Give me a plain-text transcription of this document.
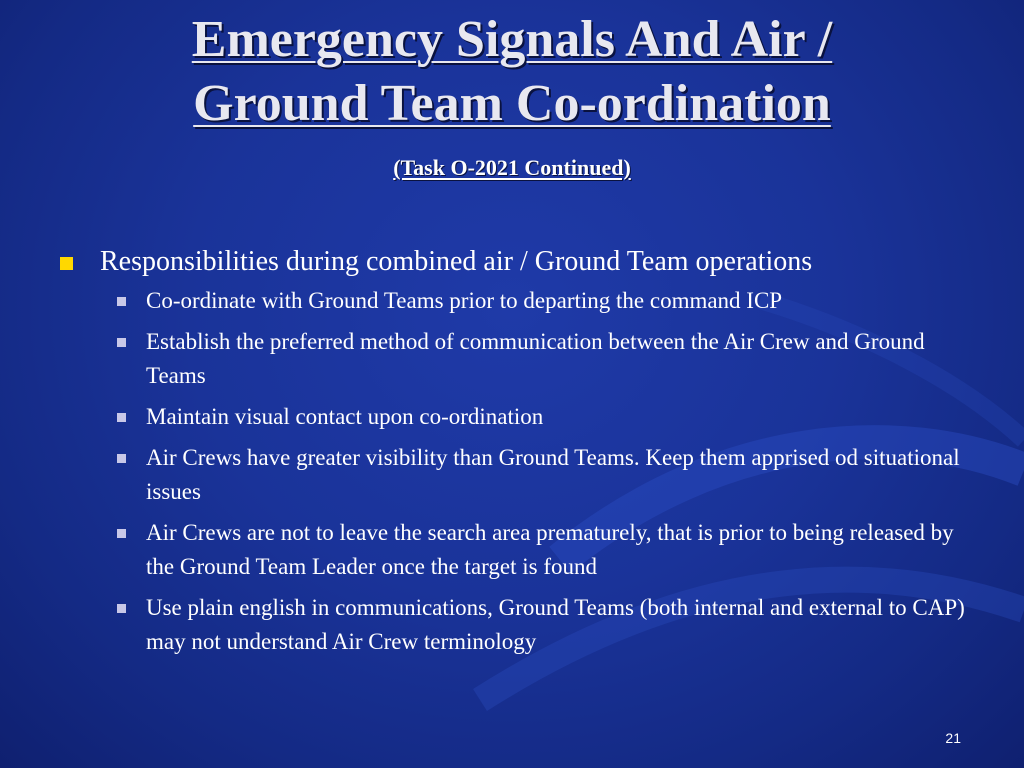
Emergency Signals And Air /
Ground Team Co-ordination
(Task O-2021 Continued)
Responsibilities during combined air / Ground Team operations
Co-ordinate with Ground Teams prior to departing the command ICP
Establish the preferred method of communication between the Air Crew and Ground Teams
Maintain visual contact upon co-ordination
Air Crews have greater visibility than Ground Teams. Keep them apprised od situational issues
Air Crews are not to leave the search area prematurely, that is prior to being released by the Ground Team Leader once the target is found
Use plain english in communications, Ground Teams (both internal and external to CAP) may not understand Air Crew terminology
21
